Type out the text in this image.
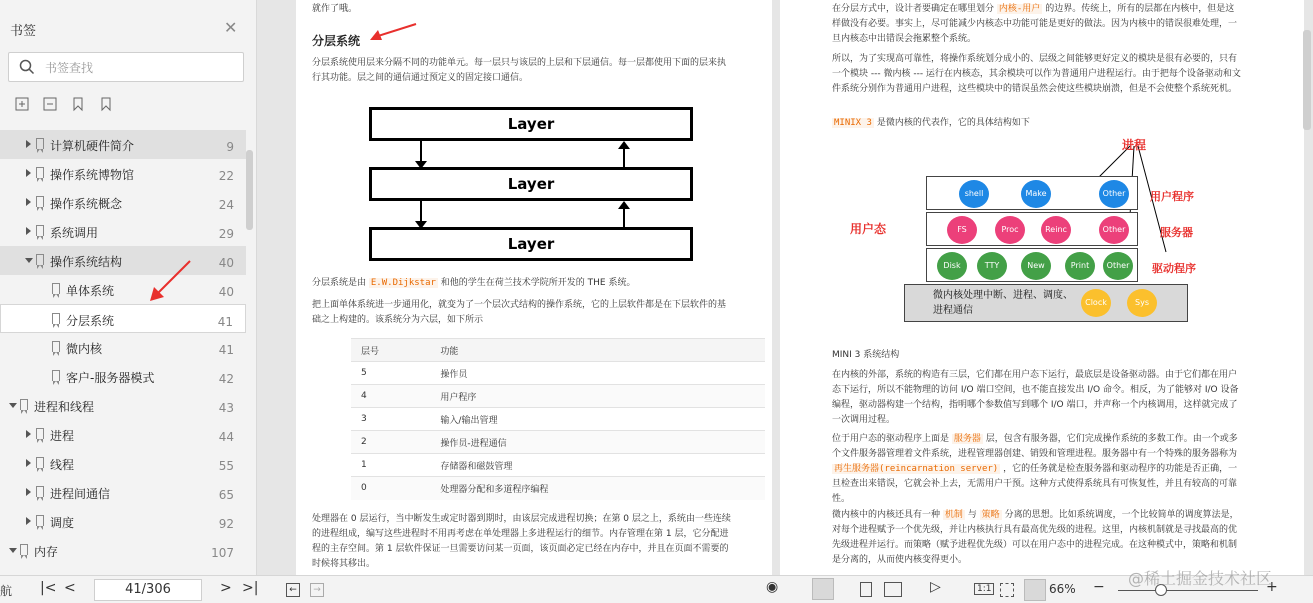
书签	✕
书签查找
计算机硬件简介	9
操作系统博物馆	22
操作系统概念	24
系统调用	29
操作系统结构	40
单体系统	40
分层系统	41
微内核	41
客户-服务器模式	42
进程和线程	43
进程	44
线程	55
进程间通信	65
调度	92
内存	107
就作了哦。
分层系统
分层系统使用层来分隔不同的功能单元。每一层只与该层的上层和下层通信。每一层都使用下面的层来执行其功能。层之间的通信通过预定义的固定接口通信。
Layer
Layer
Layer
分层系统是由 E.W.Dijkstar 和他的学生在荷兰技术学院所开发的 THE 系统。
把上面单体系统进一步通用化，就变为了一个层次式结构的操作系统，它的上层软件都是在下层软件的基础之上构建的。该系统分为六层，如下所示
层号	功能
5	操作员
4	用户程序
3	输入/输出管理
2	操作员-进程通信
1	存储器和磁鼓管理
0	处理器分配和多道程序编程
处理器在 0 层运行，当中断发生或定时器到期时，由该层完成进程切换；在第 0 层之上，系统由一些连续的进程组成，编写这些进程时不用再考虑在单处理器上多进程运行的细节。内存管理在第 1 层，它分配进程的主存空间。第 1 层软件保证一旦需要访问某一页面，该页面必定已经在内存中，并且在页面不需要的时候将其移出。
在分层方式中，设计者要确定在哪里划分 内核-用户 的边界。传统上，所有的层都在内核中，但是这样做没有必要。事实上，尽可能减少内核态中功能可能是更好的做法。因为内核中的错误很难处理，一旦内核态中出错误会拖累整个系统。
所以，为了实现高可靠性，将操作系统划分成小的、层级之间能够更好定义的模块是很有必要的，只有一个模块 --- 微内核 --- 运行在内核态，其余模块可以作为普通用户进程运行。由于把每个设备驱动和文件系统分别作为普通用户进程，这些模块中的错误虽然会使这些模块崩溃，但是不会使整个系统死机。
MINIX 3 是微内核的代表作，它的具体结构如下
进程
用户态
shell	Make	Other	用户程序
FS	Proc	Reinc	Other	服务器
Disk	TTY	New	Print	Other	驱动程序
微内核处理中断、进程、调度、进程通信
Clock	Sys
MINI 3 系统结构
在内核的外部，系统的构造有三层，它们都在用户态下运行，最底层是设备驱动器。由于它们都在用户态下运行，所以不能物理的访问 I/O 端口空间，也不能直接发出 I/O 命令。相反，为了能够对 I/O 设备编程，驱动器构建一个结构，指明哪个参数值写到哪个 I/O 端口，并声称一个内核调用，这样就完成了一次调用过程。
位于用户态的驱动程序上面是 服务器 层，包含有服务器，它们完成操作系统的多数工作。由一个或多个文件服务器管理着文件系统，进程管理器创建、销毁和管理进程。服务器中有一个特殊的服务器称为 再生服务器(reincarnation server) ，它的任务就是检查服务器和驱动程序的功能是否正确，一旦检查出来错误，它就会补上去，无需用户干预。这种方式使得系统具有可恢复性，并且有较高的可靠性。
微内核中的内核还具有一种 机制 与 策略 分离的思想。比如系统调度，一个比较简单的调度算法是，对每个进程赋予一个优先级，并让内核执行具有最高优先级的进程。这里，内核机制就是寻找最高的优先级进程并运行。而策略（赋予进程优先级）可以在用户态中的进程完成。在这种模式中，策略和机制是分离的，从而使内核变得更小。
航 |< <	41/306	> >|	←	→	◉	▷	1:1	66% −	+
@稀土掘金技术社区
